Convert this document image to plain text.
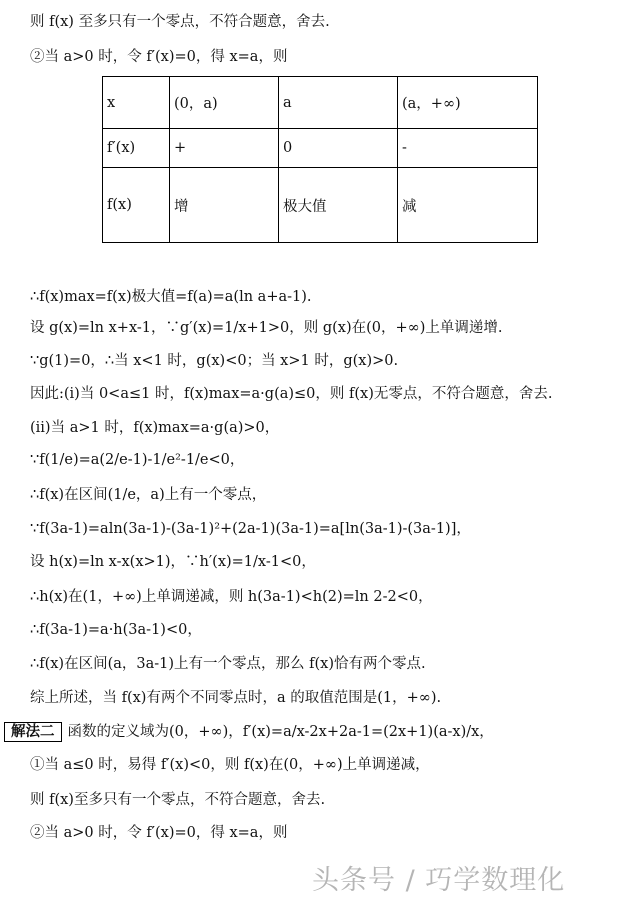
则 f(x) 至多只有一个零点，不符合题意，舍去.
②当 a>0 时，令 f′(x)=0，得 x=a，则
x	(0，a)	a	(a，+∞)
f′(x)	+	0	-
f(x)	增	极大值	减
∴f(x)max=f(x)极大值=f(a)=a(ln a+a-1).
设 g(x)=ln x+x-1，∵g′(x)=1/x+1>0，则 g(x)在(0，+∞)上单调递增.
∵g(1)=0，∴当 x<1 时，g(x)<0；当 x>1 时，g(x)>0.
因此:(ⅰ)当 0<a≤1 时，f(x)max=a·g(a)≤0，则 f(x)无零点，不符合题意，舍去.
(ⅱ)当 a>1 时，f(x)max=a·g(a)>0，
∵f(1/e)=a(2/e-1)-1/e²-1/e<0，
∴f(x)在区间(1/e，a)上有一个零点，
∵f(3a-1)=aln(3a-1)-(3a-1)²+(2a-1)(3a-1)=a[ln(3a-1)-(3a-1)]，
设 h(x)=ln x-x(x>1)，∵h′(x)=1/x-1<0，
∴h(x)在(1，+∞)上单调递减，则 h(3a-1)<h(2)=ln 2-2<0，
∴f(3a-1)=a·h(3a-1)<0，
∴f(x)在区间(a，3a-1)上有一个零点，那么 f(x)恰有两个零点.
综上所述，当 f(x)有两个不同零点时，a 的取值范围是(1，+∞).
解法二 函数的定义域为(0，+∞)，f′(x)=a/x-2x+2a-1=(2x+1)(a-x)/x，
①当 a≤0 时，易得 f′(x)<0，则 f(x)在(0，+∞)上单调递减，
则 f(x)至多只有一个零点，不符合题意，舍去.
②当 a>0 时，令 f′(x)=0，得 x=a，则
头条号 / 巧学数理化
